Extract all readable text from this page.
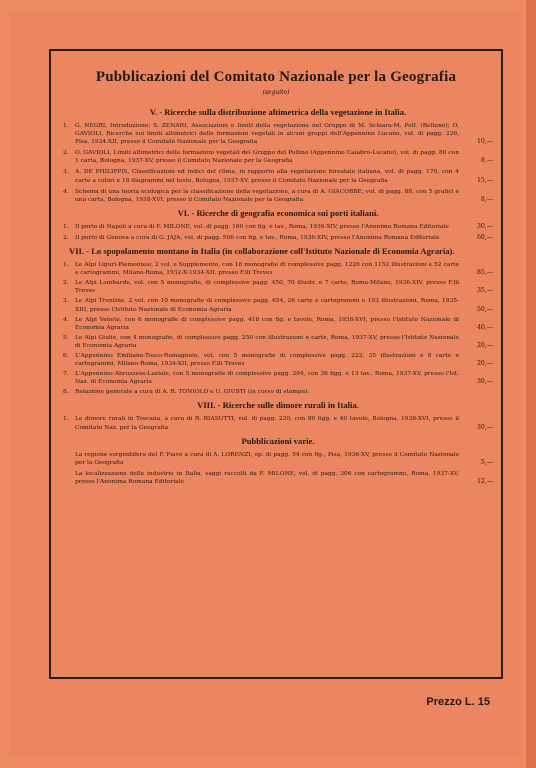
Pubblicazioni del Comitato Nazionale per la Geografia
(seguito)
V. - Ricerche sulla distribuzione altimetrica della vegetazione in Italia.
1.	G. NEGRI, Introduzione; S. ZENARI, Associazioni e limiti della vegetazione nel Gruppo di M. Schiara-M. Pelf. (Belluno); O. GAVIOLI, Ricerche sui limiti altimetrici delle formazioni vegetali in alcuni gruppi dell'Appennino Lucano, vol. di pagg. 226, Pisa, 1934-XII, presso il Comitato Nazionale per la Geografia	10,—
2.	O. GAVIOLI, Limiti altimetrici delle formazioni vegetali del Gruppo del Pollino (Appennino Calabro-Lucano), vol. di pagg. 80 con 1 carta, Bologna, 1937-XV, presso il Comitato Nazionale per la Geografia	8,—
3.	A. DE PHILIPPIS, Classificazioni ed indici del clima, in rapporto alla vegetazione forestale italiana, vol. di pagg. 170, con 4 carte a colori e 18 diagrammi nel testo, Bologna, 1937-XV, presso il Comitato Nazionale per la Geografia	15,—
4.	Schema di una teoria ecologica per la classificazione della vegetazione, a cura di A. GIACOBBE, vol. di pagg. 88, con 5 grafici e una carta, Bologna, 1938-XVI, presso il Comitato Nazionale per la Geografia	8,—
VI. - Ricerche di geografia economica sui porti italiani.
1.	Il porto di Napoli a cura di F. MILONE, vol. di pagg. 160 con fig. e tav., Roma, 1936-XIV, presso l'Anonima Romana Editoriale	30,—
2.	Il porto di Genova a cura di G. JAJA, vol. di pagg. 506 con fig. e tav., Roma, 1936-XIV, presso l'Anonima Romana Editoriale	60,—
VII. - Lo spopolamento montano in Italia (in collaborazione coll'Istituto Nazionale di Economia Agraria).
1.	Le Alpi Liguri-Piemontesi, 2 vol. e Supplemento, con 18 monografie di complessive pagg. 1226 con 1152 illustrazioni e 52 carte e cartogrammi, Milano-Roma, 1932-X-1934-XII, presso F.lli Treves	85,—
2.	Le Alpi Lombarde, vol. con 5 monografie, di complessive pagg. 450, 70 illustr. e 7 carte, Roma-Milano, 1936-XIV, presso F.lli Treves	35,—
3.	Le Alpi Trentine, 2 vol. con 10 monografie di complessive pagg. 654, 26 carte e cartogrammi e 103 illustrazioni, Roma, 1935-XIII, presso l'Istituto Nazionale di Economia Agraria	50,—
4.	Le Alpi Venete, con 6 monografie di complessive pagg. 418 con fig. e tavole, Roma, 1938-XVI, presso l'Istituto Nazionale di Economia Agraria	40,—
5.	Le Alpi Giulie, con 4 monografie, di complessive pagg. 250 con illustrazioni e carte, Roma, 1937-XV, presso l'Istituto Nazionale di Economia Agraria	20,—
6.	L'Appennino Emiliano-Tosco-Romagnolo, vol. con 5 monografie di complessive pagg. 222, 35 illustrazioni e 8 carte e cartogrammi, Milano-Roma, 1934-XII, presso F.lli Treves	20,—
7.	L'Appennino Abruzzese-Laziale, con 5 monografie di complessive pagg. 294, con 36 figg. e 13 tav., Roma, 1937-XV, presso l'Ist. Naz. di Economia Agraria	30,—
8.	Relazione generale a cura di A. R. TONIOLO e U. GIUSTI (in corso di stampa).
VIII. - Ricerche sulle dimore rurali in Italia.
1.	Le dimore rurali in Toscana, a cura di R. BIASUTTI, vol. di pagg. 220, con 80 figg. e 40 tavole, Bologna, 1938-XVI, presso il Comitato Naz. per la Geografia	30,—
Pubblicazioni varie.
La regione sorgentifera del F. Piave a cura di A. LORENZI, op. di pagg. 54 con fig., Pisa, 1936-XV, presso il Comitato Nazionale per la Geografia	5,—
La localizzazione delle industrie in Italia, saggi raccolti da F. MILONE, vol. di pagg. 306 con cartogrammi, Roma, 1937-XV, presso l'Anonima Romana Editoriale	12,—
Prezzo L. 15
